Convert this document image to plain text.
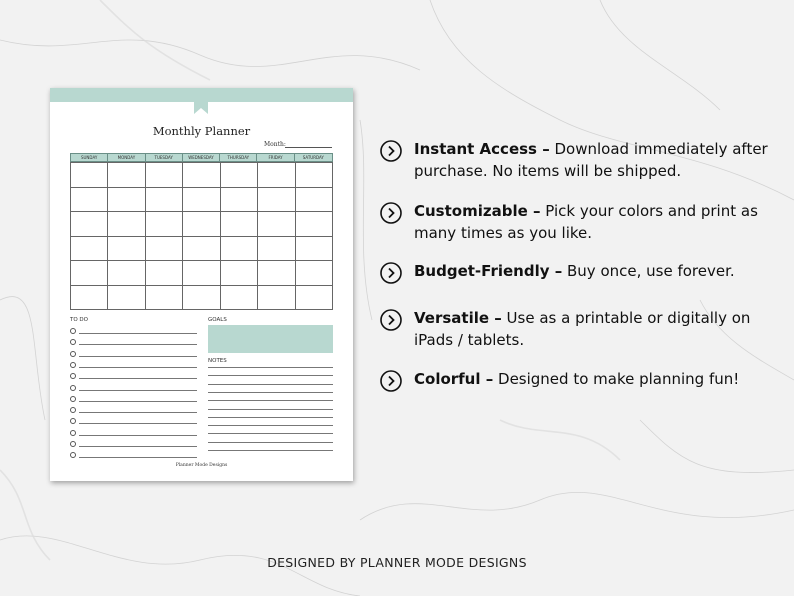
Monthly Planner
Month:
SUNDAY	MONDAY	TUESDAY	WEDNESDAY	THURSDAY	FRIDAY	SATURDAY
TO DO	GOALS
NOTES
Planner Mode Designs

Instant Access – Download immediately after purchase. No items will be shipped.

Customizable – Pick your colors and print as many times as you like.

Budget-Friendly – Buy once, use forever.

Versatile – Use as a printable or digitally on iPads / tablets.

Colorful – Designed to make planning fun!

DESIGNED BY PLANNER MODE DESIGNS
